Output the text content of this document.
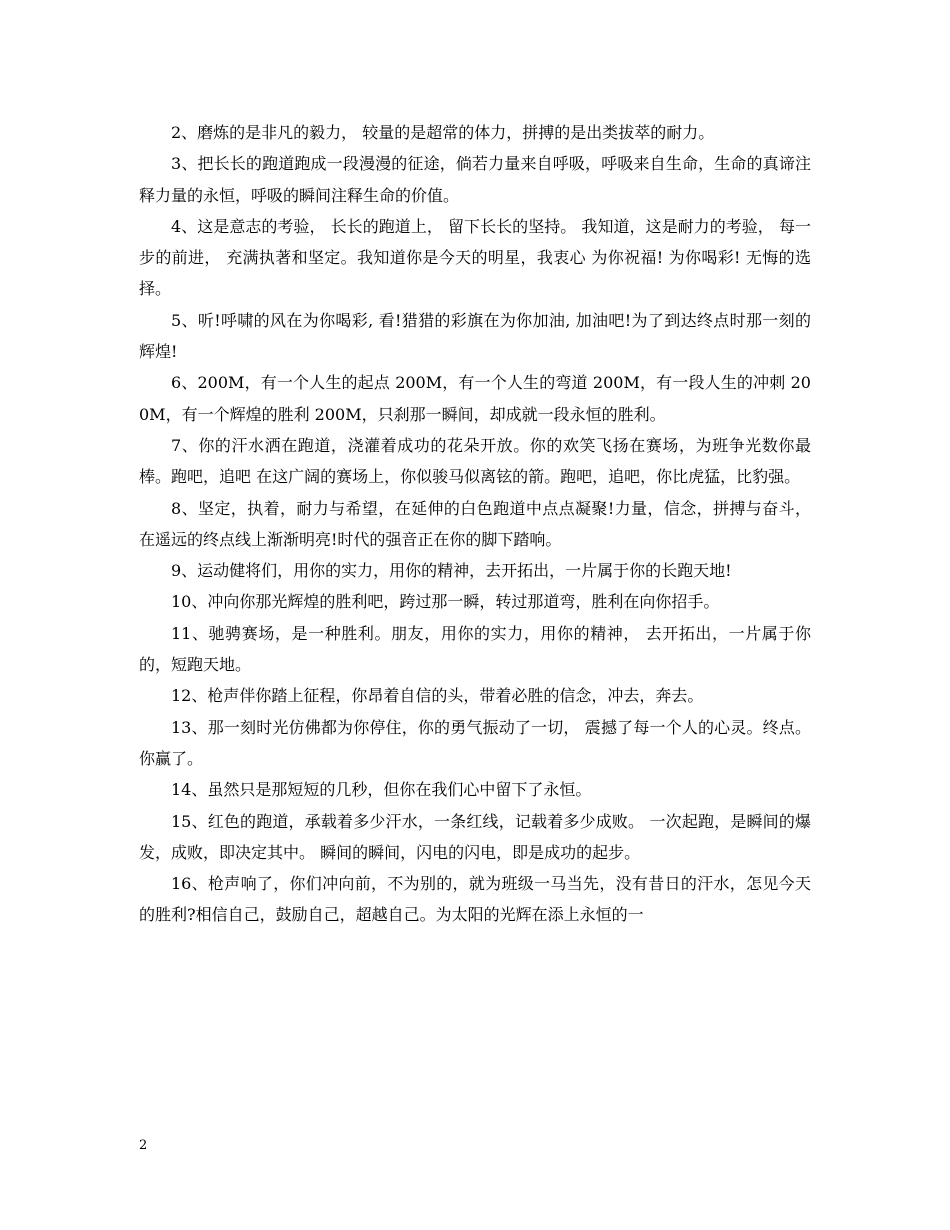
2、磨炼的是非凡的毅力， 较量的是超常的体力，拼搏的是出类拔萃的耐力。

3、把长长的跑道跑成一段漫漫的征途，倘若力量来自呼吸，呼吸来自生命，生命的真谛注释力量的永恒，呼吸的瞬间注释生命的价值。

4、这是意志的考验， 长长的跑道上， 留下长长的坚持。 我知道，这是耐力的考验， 每一步的前进， 充满执著和坚定。我知道你是今天的明星，我衷心 为你祝福! 为你喝彩! 无悔的选择。

5、听!呼啸的风在为你喝彩, 看!猎猎的彩旗在为你加油, 加油吧!为了到达终点时那一刻的辉煌!

6、200M，有一个人生的起点 200M，有一个人生的弯道 200M，有一段人生的冲刺 200M，有一个辉煌的胜利 200M，只刹那一瞬间，却成就一段永恒的胜利。

7、你的汗水洒在跑道，浇灌着成功的花朵开放。你的欢笑飞扬在赛场，为班争光数你最棒。跑吧，追吧 在这广阔的赛场上，你似骏马似离铉的箭。跑吧，追吧，你比虎猛，比豹强。

8、坚定，执着，耐力与希望，在延伸的白色跑道中点点凝聚!力量，信念，拼搏与奋斗，在遥远的终点线上渐渐明亮!时代的强音正在你的脚下踏响。

9、运动健将们，用你的实力，用你的精神，去开拓出，一片属于你的长跑天地!

10、冲向你那光辉煌的胜利吧，跨过那一瞬，转过那道弯，胜利在向你招手。

11、驰骋赛场，是一种胜利。朋友，用你的实力，用你的精神， 去开拓出，一片属于你的，短跑天地。

12、枪声伴你踏上征程，你昂着自信的头，带着必胜的信念，冲去，奔去。

13、那一刻时光仿佛都为你停住，你的勇气振动了一切， 震撼了每一个人的心灵。终点。你赢了。

14、虽然只是那短短的几秒，但你在我们心中留下了永恒。

15、红色的跑道，承载着多少汗水，一条红线，记载着多少成败。 一次起跑，是瞬间的爆发，成败，即决定其中。 瞬间的瞬间，闪电的闪电，即是成功的起步。

16、枪声响了，你们冲向前，不为别的，就为班级一马当先，没有昔日的汗水，怎见今天的胜利?相信自己，鼓励自己，超越自己。为太阳的光辉在添上永恒的一

2
